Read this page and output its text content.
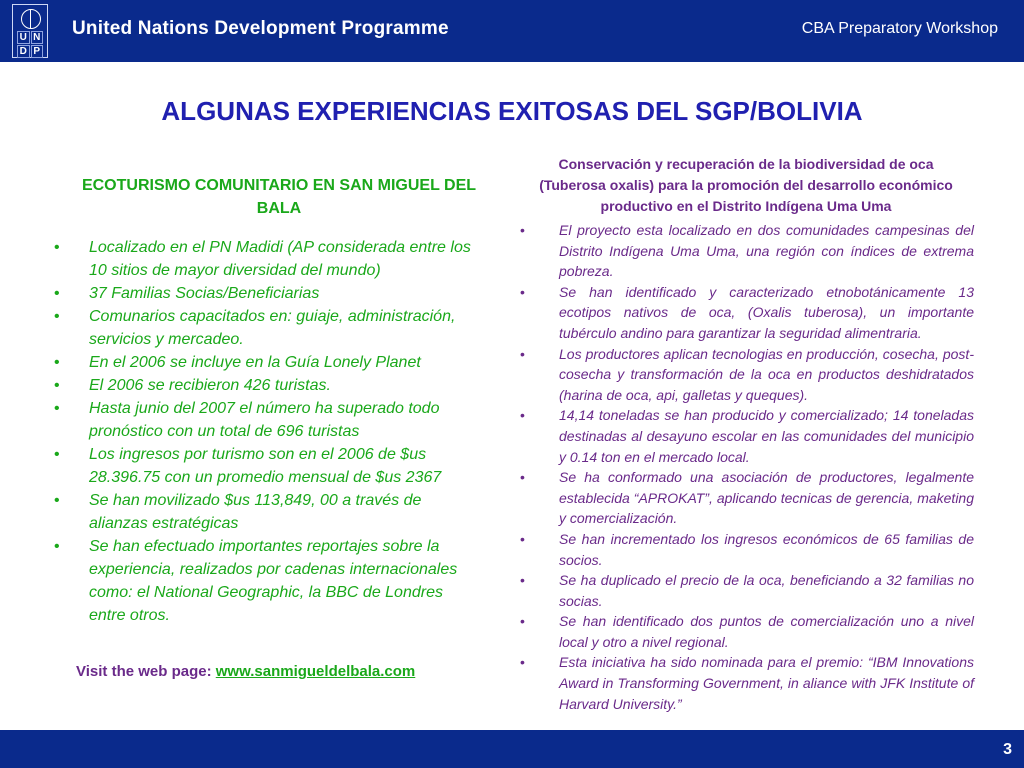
U N
D P
United Nations Development Programme	CBA Preparatory Workshop
ALGUNAS EXPERIENCIAS EXITOSAS DEL SGP/BOLIVIA
ECOTURISMO COMUNITARIO EN SAN MIGUEL DEL BALA
• Localizado en el PN Madidi (AP considerada entre los 10 sitios de mayor diversidad del mundo)
• 37 Familias Socias/Beneficiarias
• Comunarios capacitados en: guiaje, administración, servicios y mercadeo.
• En el 2006 se incluye en la Guía Lonely Planet
• El 2006 se recibieron 426 turistas.
• Hasta junio del 2007 el número ha superado todo pronóstico con un total de 696 turistas
• Los ingresos por turismo son en el 2006 de $us 28.396.75 con un promedio mensual de $us 2367
• Se han movilizado $us 113,849, 00 a través de alianzas estratégicas
• Se han efectuado importantes reportajes sobre la experiencia, realizados por cadenas internacionales como: el National Geographic, la BBC de Londres entre otros.
Visit the web page: www.sanmigueldelbala.com
Conservación y recuperación de la biodiversidad de oca (Tuberosa oxalis) para la promoción del desarrollo económico productivo en el Distrito Indígena Uma Uma
• El proyecto esta localizado en dos comunidades campesinas del Distrito Indígena Uma Uma, una región con índices de extrema pobreza.
• Se han identificado y caracterizado etnobotánicamente 13 ecotipos nativos de oca, (Oxalis tuberosa), un importante tubérculo andino para garantizar la seguridad alimentraria.
• Los productores aplican tecnologias en producción, cosecha, post-cosecha y transformación de la oca en productos deshidratados (harina de oca, api, galletas y queques).
• 14,14 toneladas se han producido y comercializado; 14 toneladas destinadas al desayuno escolar en las comunidades del municipio y 0.14 ton en el mercado local.
• Se ha conformado una asociación de productores, legalmente establecida “APROKAT”, aplicando tecnicas de gerencia, maketing y comercialización.
• Se han incrementado los ingresos económicos de 65 familias de socios.
• Se ha duplicado el precio de la oca, beneficiando a 32 familias no socias.
• Se han identificado dos puntos de comercialización uno a nivel local y otro a nivel regional.
• Esta iniciativa ha sido nominada para el premio: “IBM Innovations Award in Transforming Government, in aliance with JFK Institute of Harvard University.”
3
